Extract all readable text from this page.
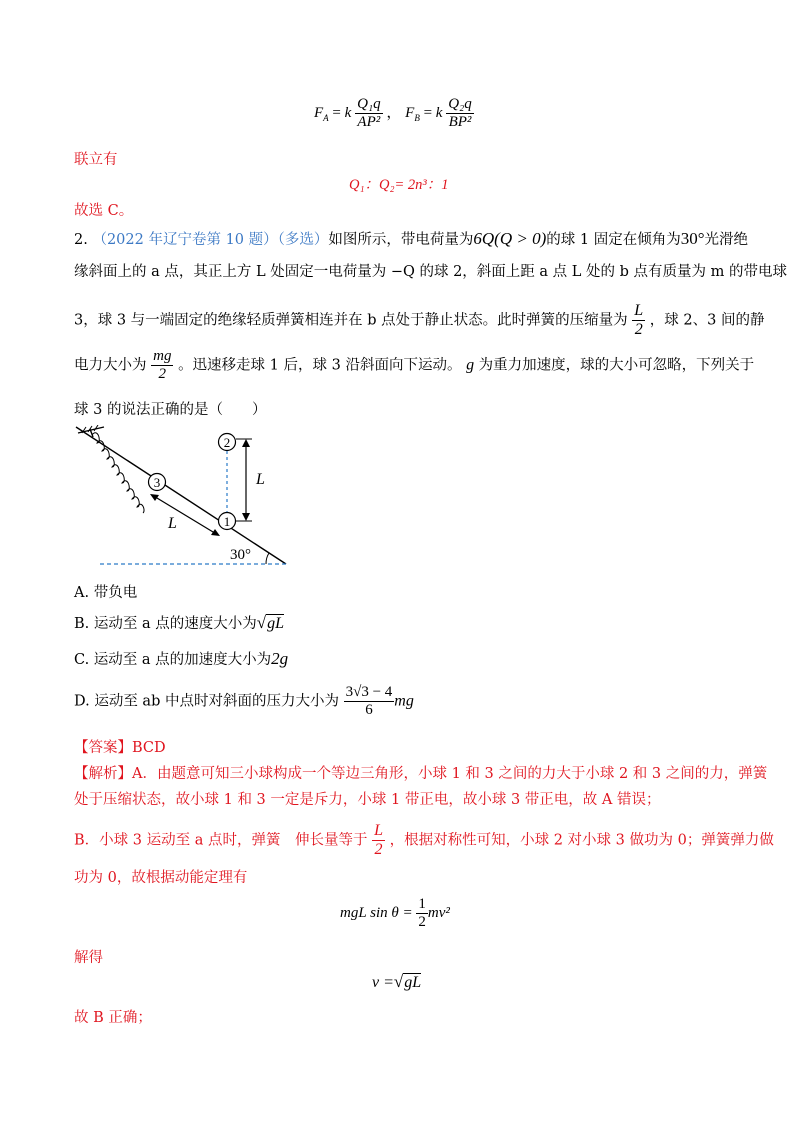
$F_A = k \frac{\text{Q₁q}}{\text{AP²}}$ ， $F_B = k \frac{\text{Q₂q}}{\text{BP²}}$
联立有
Q₁：Q₂= 2n³：1
故选 C。
2. （2022 年辽宁卷第 10 题）（多选）如图所示，带电荷量为6Q(Q > 0)的球 1 固定在倾角为30°光滑绝
缘斜面上的 a 点，其正上方 L 处固定一电荷量为 −Q 的球 2，斜面上距 a 点 L 处的 b 点有质量为 m 的带电球
3，球 3 与一端固定的绝缘轻质弹簧相连并在 b 点处于静止状态。此时弹簧的压缩量为 $\frac{L}{2}$ ，球 2、3 间的静
电力大小为 $\frac{mg}{2}$ 。迅速移走球 1 后，球 3 沿斜面向下运动。 g 为重力加速度，球的大小可忽略，下列关于
球 3 的说法正确的是（　　）
3
1
2
L
L
30°
A. 带负电
B. 运动至 a 点的速度大小为√gL
C. 运动至 a 点的加速度大小为2g
D. 运动至 ab 中点时对斜面的压力大小为 $\frac{3√3 - 4}{6}$ mg
【答案】BCD
【解析】A．由题意可知三小球构成一个等边三角形，小球 1 和 3 之间的力大于小球 2 和 3 之间的力，弹簧
处于压缩状态，故小球 1 和 3 一定是斥力，小球 1 带正电，故小球 3 带正电，故 A 错误；
B．小球 3 运动至 a 点时，弹簧　伸长量等于 $\frac{L}{2}$ ，根据对称性可知，小球 2 对小球 3 做功为 0；弹簧弹力做
功为 0，故根据动能定理有
mgL $\sin \theta = \frac{1}{2} mv^2$
解得
v =√gL
故 B 正确；
